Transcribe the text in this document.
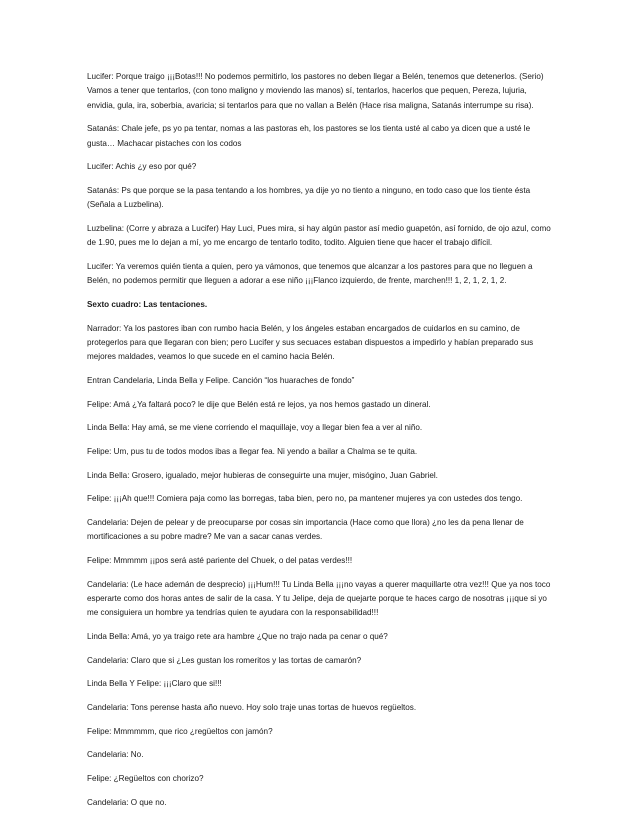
Lucifer: Porque traigo ¡¡¡Botas!!! No podemos permitirlo, los pastores no deben llegar a Belén, tenemos que detenerlos. (Serio) Vamos a tener que tentarlos, (con tono maligno y moviendo las manos) sí, tentarlos, hacerlos que pequen, Pereza, lujuria, envidia, gula, ira, soberbia, avaricia; si tentarlos para que no vallan a Belén (Hace risa maligna, Satanás interrumpe su risa).

Satanás: Chale jefe, ps yo pa tentar, nomas a las pastoras eh, los pastores se los tienta usté al cabo ya dicen que a usté le gusta… Machacar pistaches con los codos

Lucifer: Achis ¿y eso por qué?

Satanás: Ps que porque se la pasa tentando a los hombres, ya dije yo no tiento a ninguno, en todo caso que los tiente ésta (Señala a Luzbelina).

Luzbelina: (Corre y abraza a Lucifer) Hay Luci, Pues mira, si hay algún pastor así medio guapetón, así fornido, de ojo azul, como de 1.90, pues me lo dejan a mí, yo me encargo de tentarlo todito, todito. Alguien tiene que hacer el trabajo difícil.

Lucifer: Ya veremos quién tienta a quien, pero ya vámonos, que tenemos que alcanzar a los pastores para que no lleguen a Belén, no podemos permitir que lleguen a adorar a ese niño ¡¡¡Flanco izquierdo, de frente, marchen!!! 1, 2, 1, 2, 1, 2.

Sexto cuadro: Las tentaciones.

Narrador: Ya los pastores iban con rumbo hacia Belén, y los ángeles estaban encargados de cuidarlos en su camino, de protegerlos para que llegaran con bien; pero Lucifer y sus secuaces estaban dispuestos a impedirlo y habían preparado sus mejores maldades, veamos lo que sucede en el camino hacia Belén.

Entran Candelaria, Linda Bella y Felipe. Canción “los huaraches de fondo”

Felipe: Amá ¿Ya faltará poco? le dije que Belén está re lejos, ya nos hemos gastado un dineral.

Linda Bella: Hay amá, se me viene corriendo el maquillaje, voy a llegar bien fea a ver al niño.

Felipe: Um, pus tu de todos modos ibas a llegar fea. Ni yendo a bailar a Chalma se te quita.

Linda Bella: Grosero, igualado, mejor hubieras de conseguirte una mujer, misógino, Juan Gabriel.

Felipe: ¡¡¡Ah que!!! Comiera paja como las borregas, taba bien, pero no, pa mantener mujeres ya con ustedes dos tengo.

Candelaria: Dejen de pelear y de preocuparse por cosas sin importancia (Hace como que llora) ¿no les da pena llenar de mortificaciones a su pobre madre? Me van a sacar canas verdes.

Felipe: Mmmmm ¡¡pos será asté pariente del Chuek, o del patas verdes!!!

Candelaria: (Le hace ademán de desprecio) ¡¡¡Hum!!! Tu Linda Bella ¡¡¡no vayas a querer maquillarte otra vez!!! Que ya nos toco esperarte como dos horas antes de salir de la casa. Y tu Jelipe, deja de quejarte porque te haces cargo de nosotras ¡¡¡que si yo me consiguiera un hombre ya tendrías quien te ayudara con la responsabilidad!!!

Linda Bella: Amá, yo ya traigo rete ara hambre ¿Que no trajo nada pa cenar o qué?

Candelaria: Claro que si ¿Les gustan los romeritos y las tortas de camarón?

Linda Bella Y Felipe: ¡¡¡Claro que si!!!

Candelaria: Tons perense hasta año nuevo. Hoy solo traje unas tortas de huevos regüeltos.

Felipe: Mmmmmm, que rico ¿regüeltos con jamón?

Candelaria: No.

Felipe: ¿Regüeltos con chorizo?

Candelaria: O que no.
